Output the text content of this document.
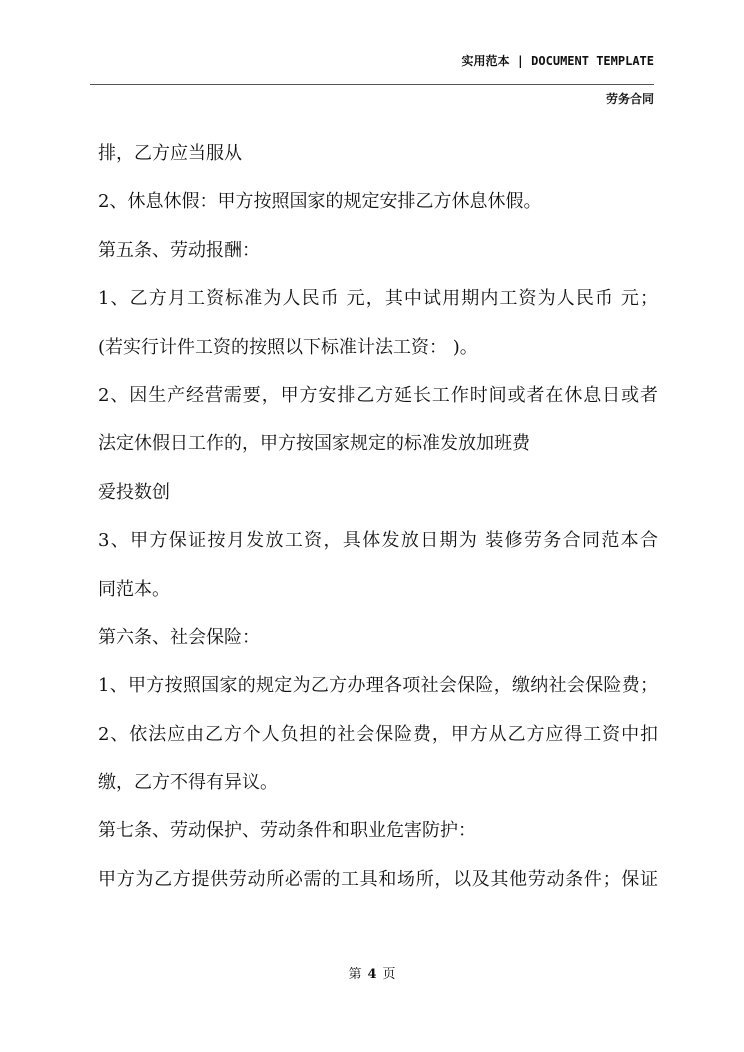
实用范本 | DOCUMENT TEMPLATE
劳务合同
排，乙方应当服从
2、休息休假：甲方按照国家的规定安排乙方休息休假。
第五条、劳动报酬：
1、乙方月工资标准为人民币 元，其中试用期内工资为人民币 元；
(若实行计件工资的按照以下标准计法工资： )。
2、因生产经营需要，甲方安排乙方延长工作时间或者在休息日或者
法定休假日工作的，甲方按国家规定的标准发放加班费
爱投数创
3、甲方保证按月发放工资，具体发放日期为 装修劳务合同范本合
同范本。
第六条、社会保险：
1、甲方按照国家的规定为乙方办理各项社会保险，缴纳社会保险费；
2、依法应由乙方个人负担的社会保险费，甲方从乙方应得工资中扣
缴，乙方不得有异议。
第七条、劳动保护、劳动条件和职业危害防护：
甲方为乙方提供劳动所必需的工具和场所，以及其他劳动条件；保证
第 4 页
